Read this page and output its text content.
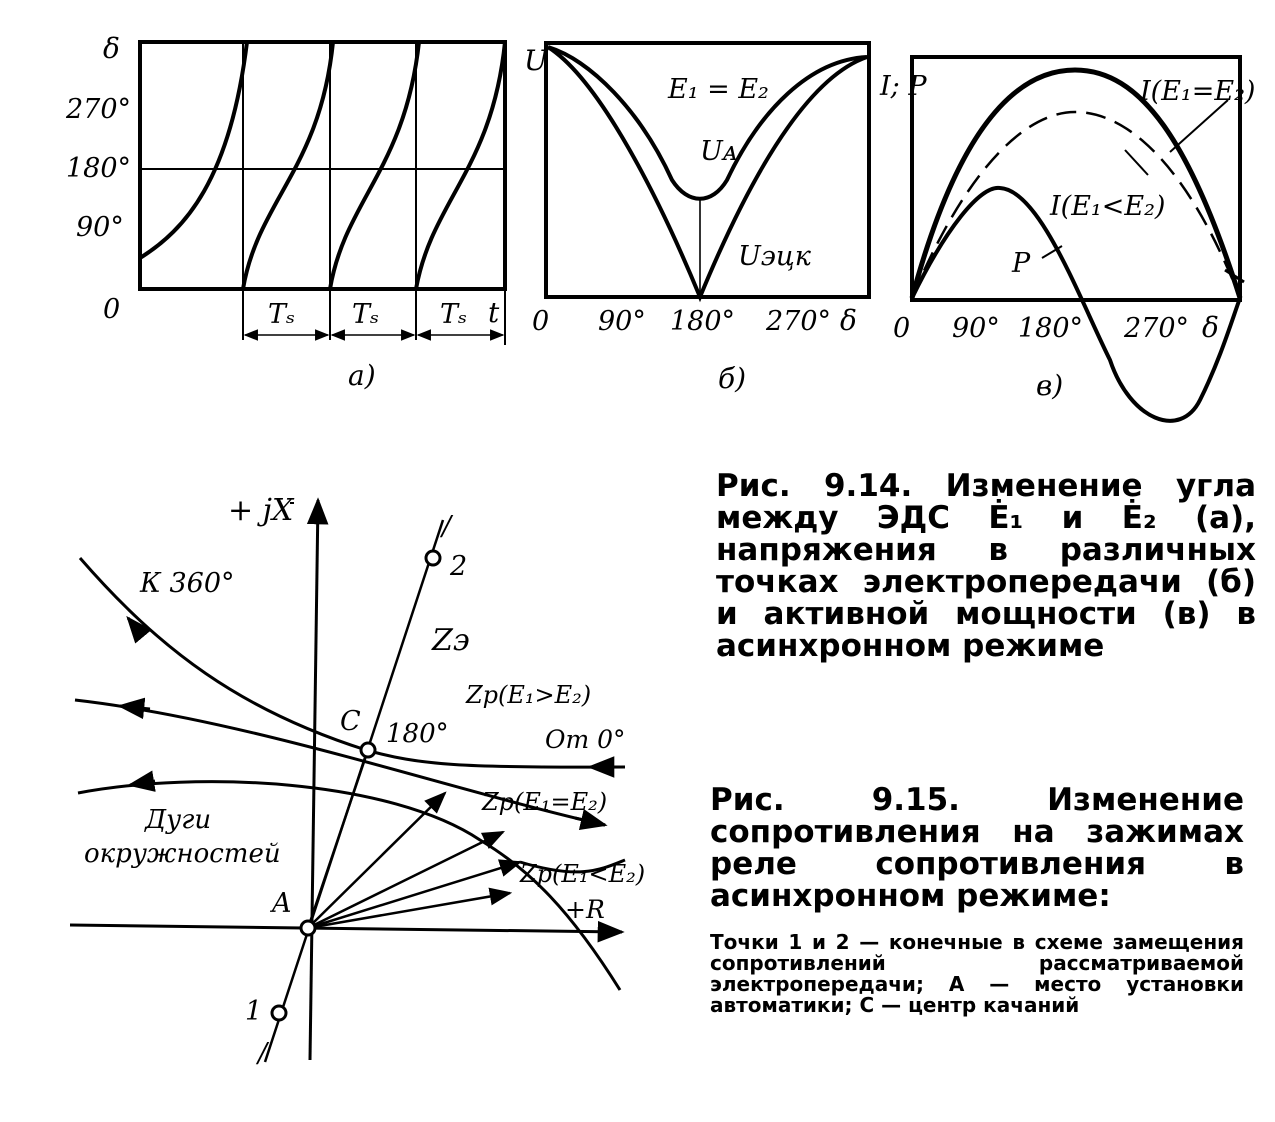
δ
270°
180°
90°
0	Tₛ Tₛ Tₛ t
а)
U
E₁ = E₂
Uᴀ
Uэцк
0 90° 180° 270° δ
б)
I; P	I(E₁=E₂)
I(E₁<E₂)
P
0 90° 180° 270° δ
в)
+ jX
+R
/
2
1
/
A
C 180°
К 360°
От 0°
Zэ
Zр(E₁>E₂)
Zр(E₁=E₂)
Zр(E₁<E₂)
Дуги
окружностей
Рис. 9.14. Изменение угла между ЭДС Ė₁ и Ė₂ (а), напряжения в различных точках электропередачи (б) и активной мощности (в) в асинхронном режиме
Рис. 9.15. Изменение сопротивления на зажимах реле сопротивления в асинхронном режиме:
Точки 1 и 2 — конечные в схеме замещения сопротивлений рассматриваемой электропередачи; A — место установки автоматики; C — центр качаний
